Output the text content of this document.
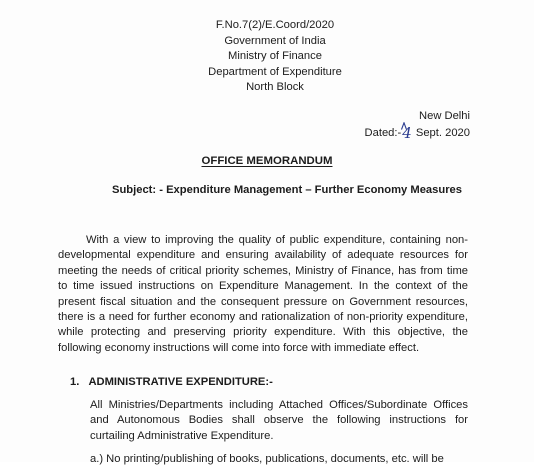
F.No.7(2)/E.Coord/2020
Government of India
Ministry of Finance
Department of Expenditure
North Block
New Delhi
Dated:-4 Sept. 2020
OFFICE MEMORANDUM
Subject: - Expenditure Management – Further Economy Measures
With a view to improving the quality of public expenditure, containing non-developmental expenditure and ensuring availability of adequate resources for meeting the needs of critical priority schemes, Ministry of Finance, has from time to time issued instructions on Expenditure Management. In the context of the present fiscal situation and the consequent pressure on Government resources, there is a need for further economy and rationalization of non-priority expenditure, while protecting and preserving priority expenditure. With this objective, the following economy instructions will come into force with immediate effect.
1. ADMINISTRATIVE EXPENDITURE:-
All Ministries/Departments including Attached Offices/Subordinate Offices and Autonomous Bodies shall observe the following instructions for curtailing Administrative Expenditure.
a.) No printing/publishing of books, publications, documents, etc. will be
